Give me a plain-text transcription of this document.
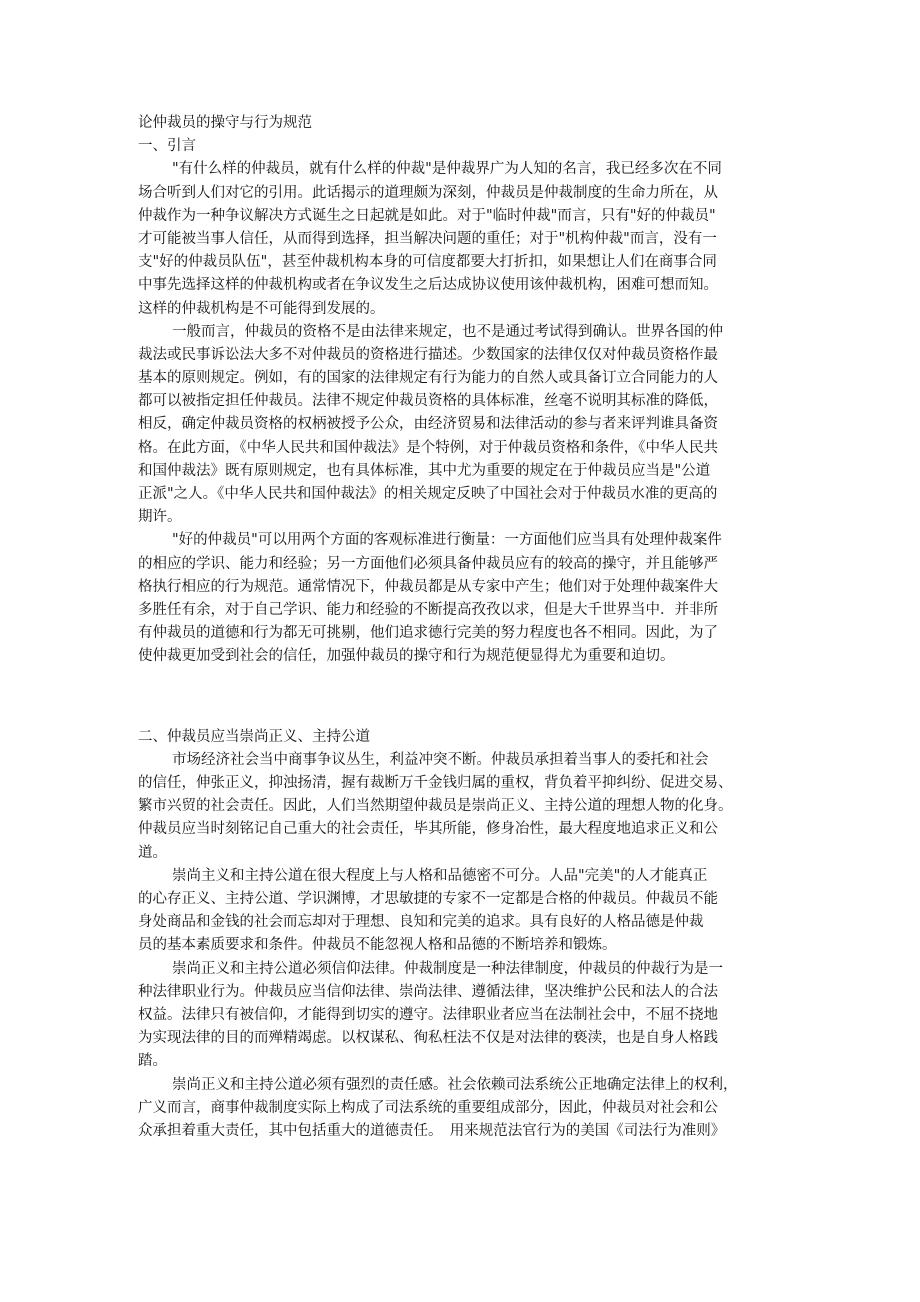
论仲裁员的操守与行为规范
一、引言
"有什么样的仲裁员，就有什么样的仲裁"是仲裁界广为人知的名言，我已经多次在不同
场合听到人们对它的引用。此话揭示的道理颇为深刻，仲裁员是仲裁制度的生命力所在，从
仲裁作为一种争议解决方式诞生之日起就是如此。对于"临时仲裁"而言，只有"好的仲裁员"
才可能被当事人信任，从而得到选择，担当解决问题的重任；对于"机构仲裁"而言，没有一
支"好的仲裁员队伍"，甚至仲裁机构本身的可信度都要大打折扣，如果想让人们在商事合同
中事先选择这样的仲裁机构或者在争议发生之后达成协议使用该仲裁机构，困难可想而知。
这样的仲裁机构是不可能得到发展的。
一般而言，仲裁员的资格不是由法律来规定，也不是通过考试得到确认。世界各国的仲
裁法或民事诉讼法大多不对仲裁员的资格进行描述。少数国家的法律仅仅对仲裁员资格作最
基本的原则规定。例如，有的国家的法律规定有行为能力的自然人或具备订立合同能力的人
都可以被指定担任仲裁员。法律不规定仲裁员资格的具体标准，丝毫不说明其标准的降低，
相反，确定仲裁员资格的权柄被授予公众，由经济贸易和法律活动的参与者来评判谁具备资
格。在此方面，《中华人民共和国仲裁法》是个特例，对于仲裁员资格和条件，《中华人民共
和国仲裁法》既有原则规定，也有具体标准，其中尤为重要的规定在于仲裁员应当是"公道
正派"之人。《中华人民共和国仲裁法》的相关规定反映了中国社会对于仲裁员水准的更高的
期许。
"好的仲裁员"可以用两个方面的客观标准进行衡量：一方面他们应当具有处理仲裁案件
的相应的学识、能力和经验；另一方面他们必须具备仲裁员应有的较高的操守，并且能够严
格执行相应的行为规范。通常情况下，仲裁员都是从专家中产生；他们对于处理仲裁案件大
多胜任有余，对于自己学识、能力和经验的不断提高孜孜以求，但是大千世界当中．并非所
有仲裁员的道德和行为都无可挑剔，他们追求德行完美的努力程度也各不相同。因此，为了
使仲裁更加受到社会的信任，加强仲裁员的操守和行为规范便显得尤为重要和迫切。
二、仲裁员应当崇尚正义、主持公道
市场经济社会当中商事争议丛生，利益冲突不断。仲裁员承担着当事人的委托和社会
的信任，伸张正义，抑浊扬清，握有裁断万千金钱归属的重权，背负着平抑纠纷、促进交易、
繁市兴贸的社会责任。因此，人们当然期望仲裁员是崇尚正义、主持公道的理想人物的化身。
仲裁员应当时刻铭记自己重大的社会责任，毕其所能，修身冶性，最大程度地追求正义和公
道。
崇尚主义和主持公道在很大程度上与人格和品德密不可分。人品"完美"的人才能真正
的心存正义、主持公道、学识渊博，才思敏捷的专家不一定都是合格的仲裁员。仲裁员不能
身处商品和金钱的社会而忘却对于理想、良知和完美的追求。具有良好的人格品德是仲裁
员的基本素质要求和条件。仲裁员不能忽视人格和品德的不断培养和锻炼。
崇尚正义和主持公道必须信仰法律。仲裁制度是一种法律制度，仲裁员的仲裁行为是一
种法律职业行为。仲裁员应当信仰法律、崇尚法律、遵循法律，坚决维护公民和法人的合法
权益。法律只有被信仰，才能得到切实的遵守。法律职业者应当在法制社会中，不屈不挠地
为实现法律的目的而殚精竭虑。以权谋私、徇私枉法不仅是对法律的亵渎，也是自身人格践
踏。
崇尚正义和主持公道必须有强烈的责任感。社会依赖司法系统公正地确定法律上的权利，
广义而言，商事仲裁制度实际上构成了司法系统的重要组成部分，因此，仲裁员对社会和公
众承担着重大责任，其中包括重大的道德责任。　用来规范法官行为的美国《司法行为准则》
